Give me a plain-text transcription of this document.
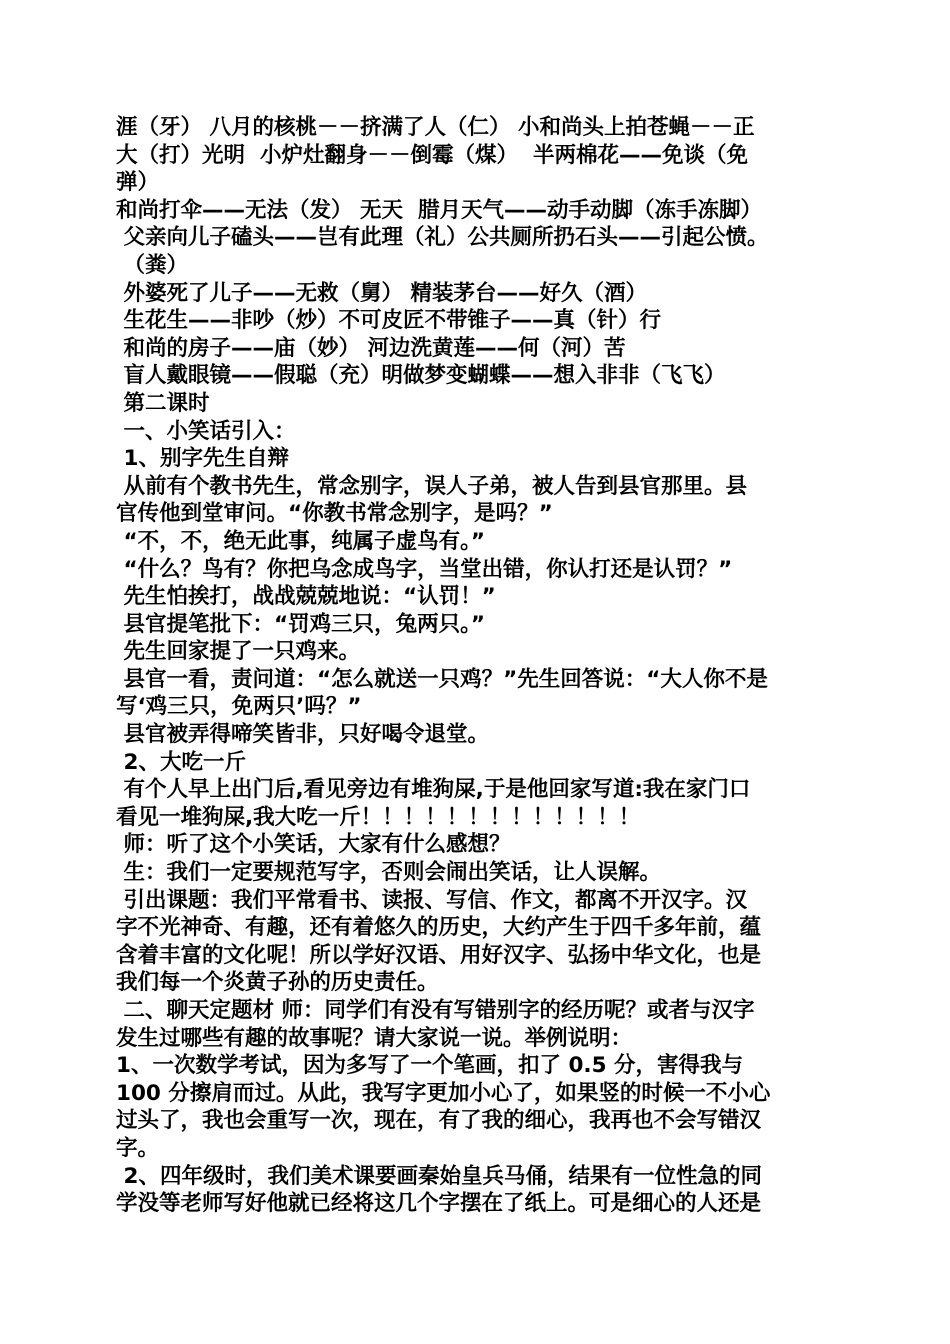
涯（牙） 八月的核桃－－挤满了人（仁） 小和尚头上拍苍蝇－－正

大（打）光明  小炉灶翻身－－倒霉（煤）  半两棉花——免谈（免

弹）

和尚打伞——无法（发） 无天  腊月天气——动手动脚（冻手冻脚）

父亲向儿子磕头——岂有此理（礼）公共厕所扔石头——引起公愤。

（粪）

外婆死了儿子——无救（舅） 精装茅台——好久（酒）

生花生——非吵（炒）不可皮匠不带锥子——真（针）行

和尚的房子——庙（妙） 河边洗黄莲——何（河）苦

盲人戴眼镜——假聪（充）明做梦变蝴蝶——想入非非（飞飞）

第二课时

一、小笑话引入：

1、别字先生自辩

从前有个教书先生，常念别字，误人子弟，被人告到县官那里。县

官传他到堂审问。“你教书常念别字，是吗？”

“不，不，绝无此事，纯属子虚鸟有。”

“什么？鸟有？你把乌念成鸟字，当堂出错，你认打还是认罚？”

先生怕挨打，战战兢兢地说：“认罚！”

县官提笔批下：“罚鸡三只，兔两只。”

先生回家提了一只鸡来。

县官一看，责问道：“怎么就送一只鸡？”先生回答说：“大人你不是

写‘鸡三只，免两只’吗？”

县官被弄得啼笑皆非，只好喝令退堂。

2、大吃一斤

有个人早上出门后,看见旁边有堆狗屎,于是他回家写道:我在家门口

看见一堆狗屎,我大吃一斤！！！！！！！！！！！！！

师：听了这个小笑话，大家有什么感想？

生：我们一定要规范写字，否则会闹出笑话，让人误解。

引出课题：我们平常看书、读报、写信、作文，都离不开汉字。汉

字不光神奇、有趣，还有着悠久的历史，大约产生于四千多年前，蕴

含着丰富的文化呢！所以学好汉语、用好汉字、弘扬中华文化，也是

我们每一个炎黄子孙的历史责任。

二、聊天定题材 师：同学们有没有写错别字的经历呢？或者与汉字

发生过哪些有趣的故事呢？请大家说一说。举例说明：

1、一次数学考试，因为多写了一个笔画，扣了 0.5 分，害得我与

100 分擦肩而过。从此，我写字更加小心了，如果竖的时候一不小心

过头了，我也会重写一次，现在，有了我的细心，我再也不会写错汉

字。

2、四年级时，我们美术课要画秦始皇兵马俑，结果有一位性急的同

学没等老师写好他就已经将这几个字摆在了纸上。可是细心的人还是
